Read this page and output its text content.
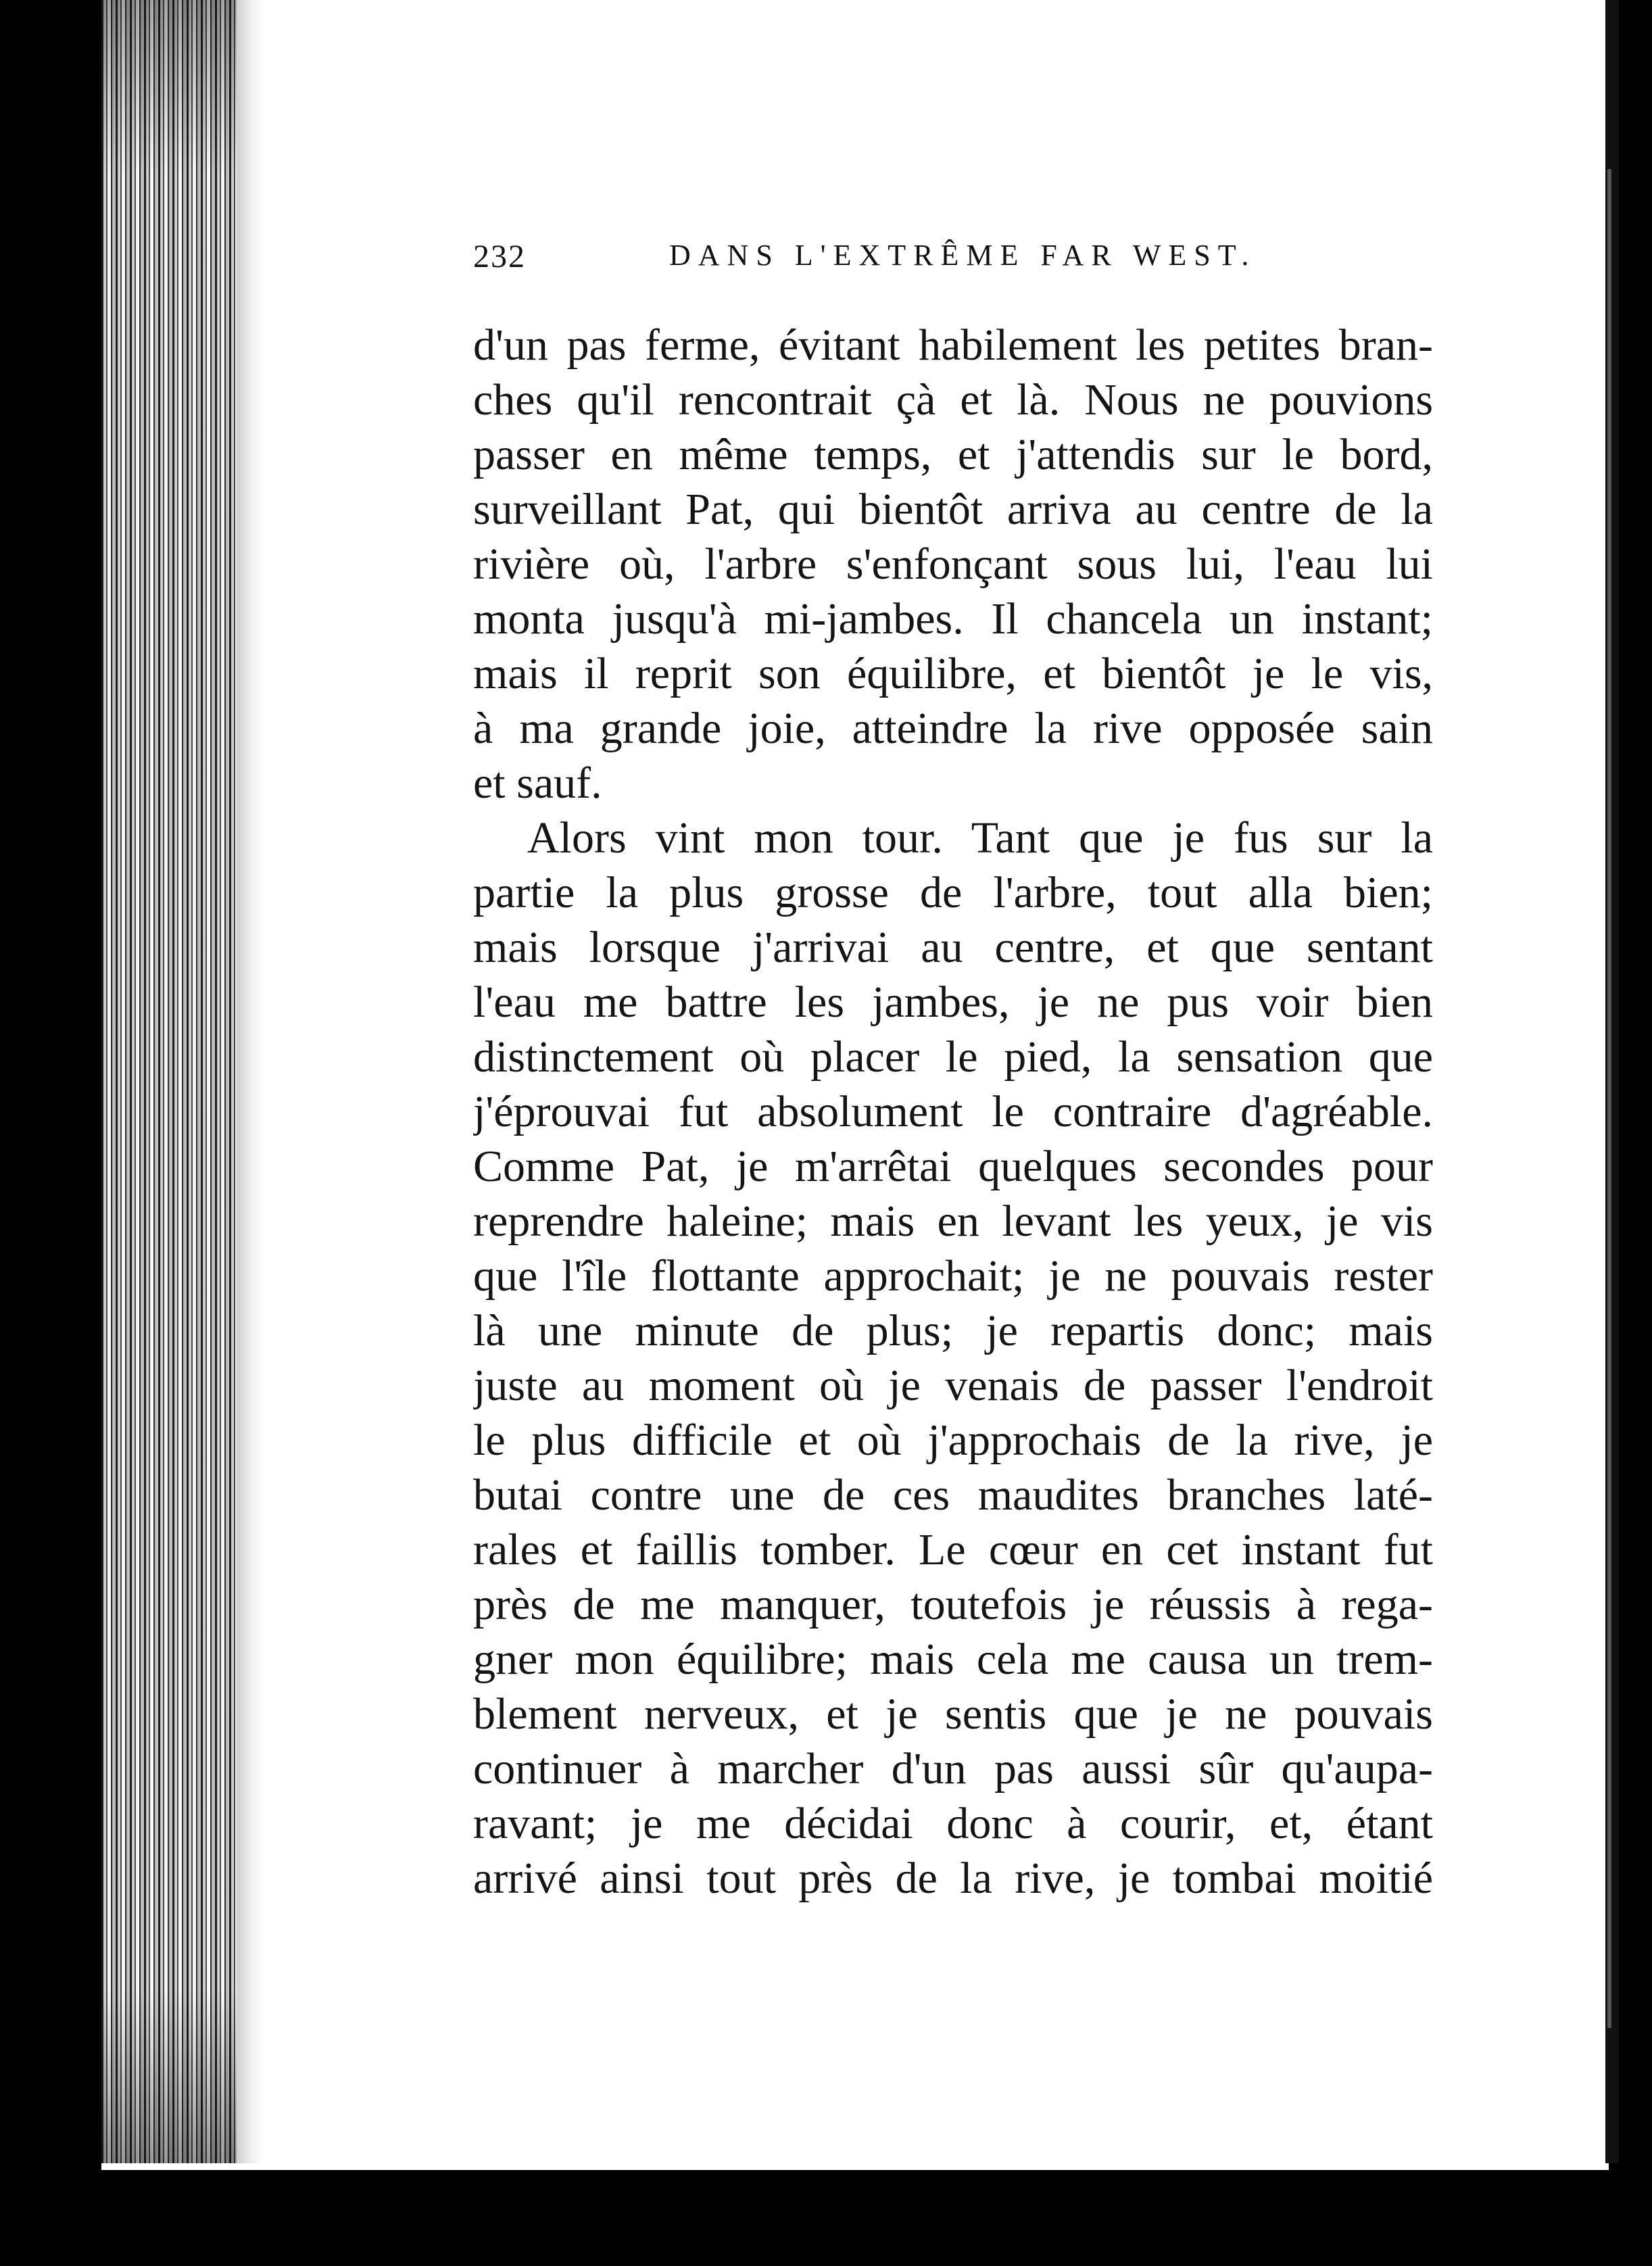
232	DANS L'EXTRÊME FAR WEST.
d'un pas ferme, évitant habilement les petites bran-
ches qu'il rencontrait çà et là. Nous ne pouvions
passer en même temps, et j'attendis sur le bord,
surveillant Pat, qui bientôt arriva au centre de la
rivière où, l'arbre s'enfonçant sous lui, l'eau lui
monta jusqu'à mi-jambes. Il chancela un instant;
mais il reprit son équilibre, et bientôt je le vis,
à ma grande joie, atteindre la rive opposée sain
et sauf.
Alors vint mon tour. Tant que je fus sur la
partie la plus grosse de l'arbre, tout alla bien;
mais lorsque j'arrivai au centre, et que sentant
l'eau me battre les jambes, je ne pus voir bien
distinctement où placer le pied, la sensation que
j'éprouvai fut absolument le contraire d'agréable.
Comme Pat, je m'arrêtai quelques secondes pour
reprendre haleine; mais en levant les yeux, je vis
que l'île flottante approchait; je ne pouvais rester
là une minute de plus; je repartis donc; mais
juste au moment où je venais de passer l'endroit
le plus difficile et où j'approchais de la rive, je
butai contre une de ces maudites branches laté-
rales et faillis tomber. Le cœur en cet instant fut
près de me manquer, toutefois je réussis à rega-
gner mon équilibre; mais cela me causa un trem-
blement nerveux, et je sentis que je ne pouvais
continuer à marcher d'un pas aussi sûr qu'aupa-
ravant; je me décidai donc à courir, et, étant
arrivé ainsi tout près de la rive, je tombai moitié
